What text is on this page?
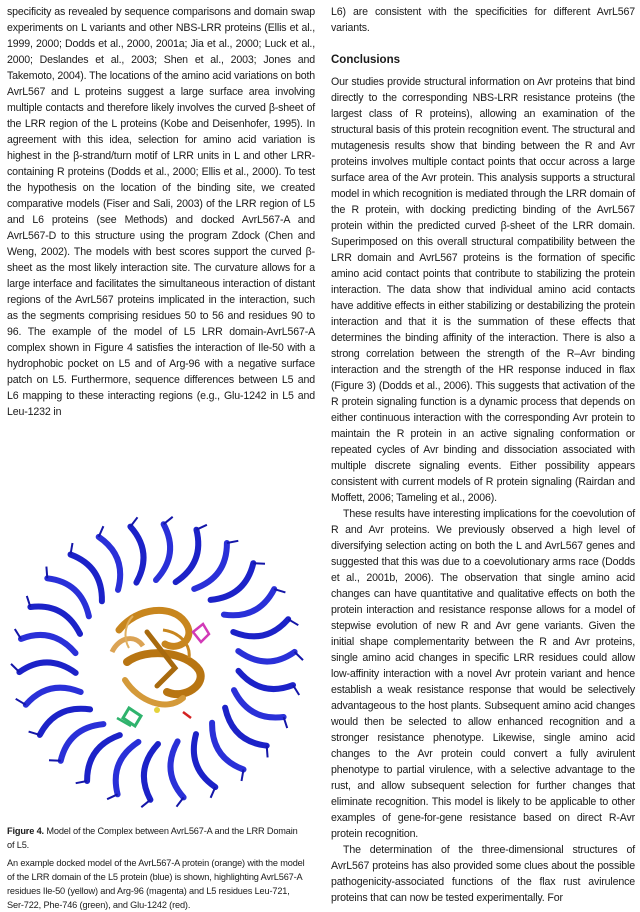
specificity as revealed by sequence comparisons and domain swap experiments on L variants and other NBS-LRR proteins (Ellis et al., 1999, 2000; Dodds et al., 2000, 2001a; Jia et al., 2000; Luck et al., 2000; Deslandes et al., 2003; Shen et al., 2003; Jones and Takemoto, 2004). The locations of the amino acid variations on both AvrL567 and L proteins suggest a large surface area involving multiple contacts and therefore likely involves the curved β-sheet of the LRR region of the L proteins (Kobe and Deisenhofer, 1995). In agreement with this idea, selection for amino acid variation is highest in the β-strand/turn motif of LRR units in L and other LRR-containing R proteins (Dodds et al., 2000; Ellis et al., 2000). To test the hypothesis on the location of the binding site, we created comparative models (Fiser and Sali, 2003) of the LRR region of L5 and L6 proteins (see Methods) and docked AvrL567-A and AvrL567-D to this structure using the program Zdock (Chen and Weng, 2002). The models with best scores support the curved β-sheet as the most likely interaction site. The curvature allows for a large interface and facilitates the simultaneous interaction of distant regions of the AvrL567 proteins implicated in the interaction, such as the segments comprising residues 50 to 56 and residues 90 to 96. The example of the model of L5 LRR domain-AvrL567-A complex shown in Figure 4 satisfies the interaction of Ile-50 with a hydrophobic pocket on L5 and of Arg-96 with a negative surface patch on L5. Furthermore, sequence differences between L5 and L6 mapping to these interacting regions (e.g., Glu-1242 in L5 and Leu-1232 in

Figure 4. Model of the Complex between AvrL567-A and the LRR Domain of L5.
An example docked model of the AvrL567-A protein (orange) with the model of the LRR domain of the L5 protein (blue) is shown, highlighting AvrL567-A residues Ile-50 (yellow) and Arg-96 (magenta) and L5 residues Leu-721, Ser-722, Phe-746 (green), and Glu-1242 (red).

L6) are consistent with the specificities for different AvrL567 variants.

Conclusions

Our studies provide structural information on Avr proteins that bind directly to the corresponding NBS-LRR resistance proteins (the largest class of R proteins), allowing an examination of the structural basis of this protein recognition event. The structural and mutagenesis results show that binding between the R and Avr proteins involves multiple contact points that occur across a large surface area of the Avr protein. This analysis supports a structural model in which recognition is mediated through the LRR domain of the R protein, with docking predicting binding of the AvrL567 protein within the predicted curved β-sheet of the LRR domain. Superimposed on this overall structural compatibility between the LRR domain and AvrL567 proteins is the formation of specific amino acid contact points that contribute to stabilizing the protein interaction. The data show that individual amino acid contacts have additive effects in either stabilizing or destabilizing the protein interaction and that it is the summation of these effects that determines the binding affinity of the interaction. There is also a strong correlation between the strength of the R–Avr binding interaction and the strength of the HR response induced in flax (Figure 3) (Dodds et al., 2006). This suggests that activation of the R protein signaling function is a dynamic process that depends on either continuous interaction with the corresponding Avr protein to maintain the R protein in an active signaling conformation or repeated cycles of Avr binding and dissociation associated with multiple discrete signaling events. Either possibility appears consistent with current models of R protein signaling (Rairdan and Moffett, 2006; Tameling et al., 2006).

These results have interesting implications for the coevolution of R and Avr proteins. We previously observed a high level of diversifying selection acting on both the L and AvrL567 genes and suggested that this was due to a coevolutionary arms race (Dodds et al., 2001b, 2006). The observation that single amino acid changes can have quantitative and qualitative effects on both the protein interaction and resistance response allows for a model of stepwise evolution of new R and Avr gene variants. Given the initial shape complementarity between the R and Avr proteins, single amino acid changes in specific LRR residues could allow low-affinity interaction with a novel Avr protein variant and hence establish a weak resistance response that would be selectively advantageous to the host plants. Subsequent amino acid changes would then be selected to allow enhanced recognition and a stronger resistance phenotype. Likewise, single amino acid changes to the Avr protein could convert a fully avirulent phenotype to partial virulence, with a selective advantage to the rust, and allow subsequent selection for further changes that eliminate recognition. This model is likely to be applicable to other examples of gene-for-gene resistance based on direct R-Avr protein recognition.

The determination of the three-dimensional structures of AvrL567 proteins has also provided some clues about the possible pathogenicity-associated functions of the flax rust avirulence proteins that can now be tested experimentally. For
